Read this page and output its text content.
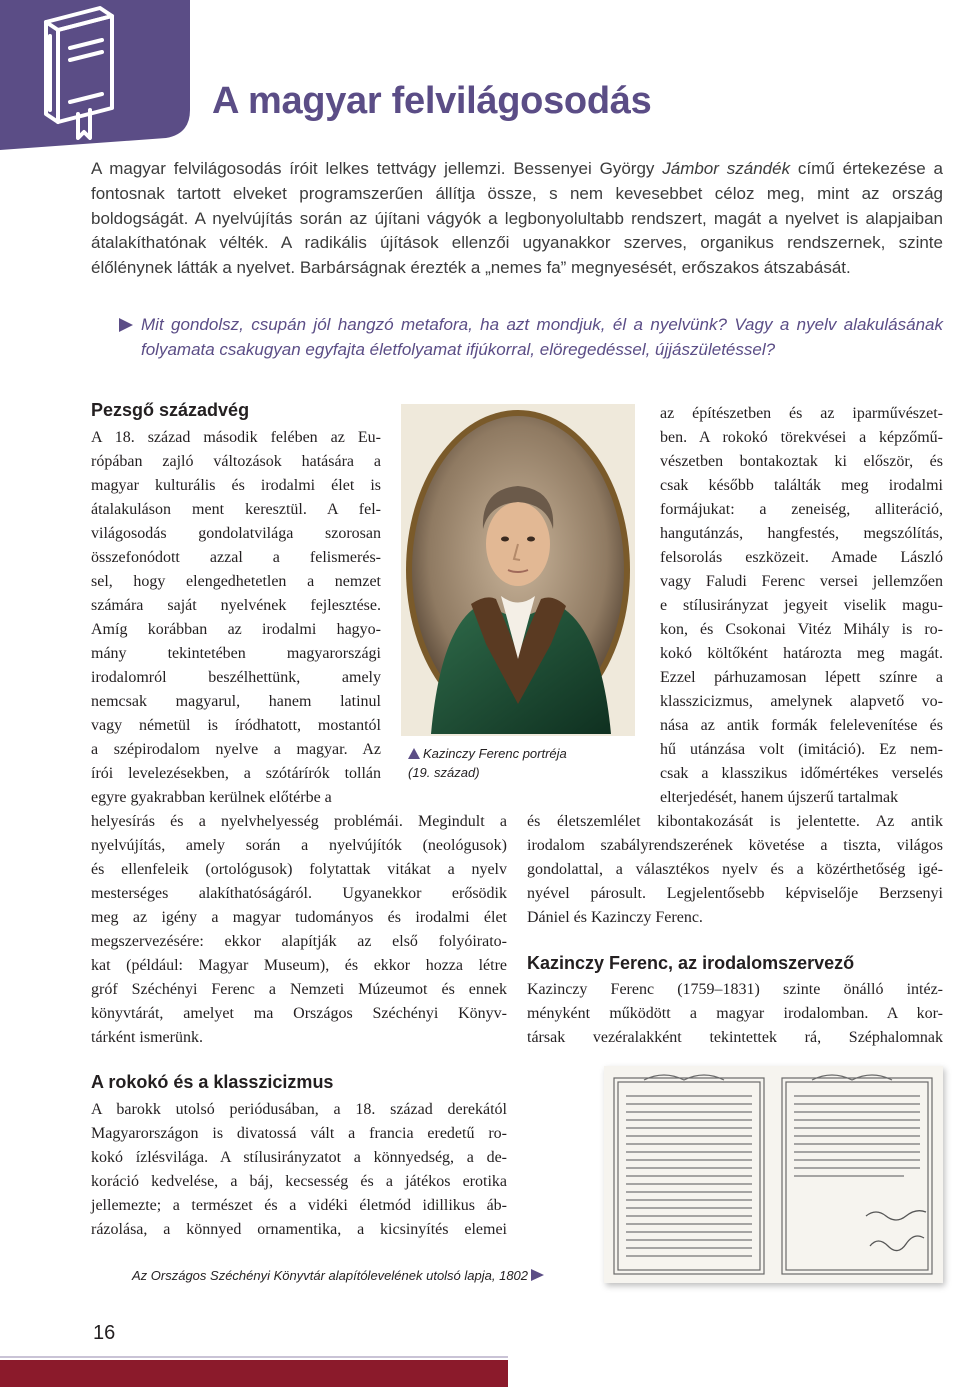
A magyar felvilágosodás

A magyar felvilágosodás íróit lelkes tettvágy jellemzi. Bessenyei György Jámbor szándék című értekezése a fontosnak tartott elveket programszerűen állítja össze, s nem kevesebbet céloz meg, mint az ország boldogságát. A nyelvújítás során az újítani vágyók a legbonyolultabb rendszert, magát a nyelvet is alapjaiban átalakíthatónak vélték. A radikális újítások ellenzői ugyanakkor szerves, organikus rendszernek, szinte élőlénynek látták a nyelvet. Barbárságnak érezték a „nemes fa” megnyesését, erőszakos átszabását.

Mit gondolsz, csupán jól hangzó metafora, ha azt mondjuk, él a nyelvünk? Vagy a nyelv alakulásának folyamata csakugyan egyfajta életfolyamat ifjúkorral, elöregedéssel, újjászületéssel?

Pezsgő századvég
A 18. század második felében az Eu-
rópában zajló változások hatására a
magyar kulturális és irodalmi élet is
átalakuláson ment keresztül. A fel-
világosodás gondolatvilága szorosan
összefonódott azzal a felismerés-
sel, hogy elengedhetetlen a nemzet
számára saját nyelvének fejlesztése.
Amíg korábban az irodalmi hagyo-
mány tekintetében magyarországi
irodalomról beszélhettünk, amely
nemcsak magyarul, hanem latinul
vagy németül is íródhatott, mostantól
a szépirodalom nyelve a magyar. Az
írói levelezésekben, a szótárírók tollán
egyre gyakrabban kerülnek előtérbe a
Kazinczy Ferenc portréja
(19. század)
az építészetben és az iparművészet-
ben. A rokokó törekvései a képzőmű-
vészetben bontakoztak ki először, és
csak később találták meg irodalmi
formájukat: a zeneiség, alliteráció,
hangutánzás, hangfestés, megszólítás,
felsorolás eszközeit. Amade László
vagy Faludi Ferenc versei jellemzően
e stílusirányzat jegyeit viselik magu-
kon, és Csokonai Vitéz Mihály is ro-
kokó költőként határozta meg magát.
Ezzel párhuzamosan lépett színre a
klasszicizmus, amelynek alapvető vo-
nása az antik formák felelevenítése és
hű utánzása volt (imitáció). Ez nem-
csak a klasszikus időmértékes verselés
elterjedését, hanem újszerű tartalmak
helyesírás és a nyelvhelyesség problémái. Megindult a
nyelvújítás, amely során a nyelvújítók (neológusok)
és ellenfeleik (ortológusok) folytattak vitákat a nyelv
mesterséges alakíthatóságáról. Ugyanekkor erősödik
meg az igény a magyar tudományos és irodalmi élet
megszervezésére: ekkor alapítják az első folyóirato-
kat (például: Magyar Museum), és ekkor hozza létre
gróf Széchényi Ferenc a Nemzeti Múzeumot és ennek
könyvtárát, amelyet ma Országos Széchényi Könyv-
tárként ismerünk.
és életszemlélet kibontakozását is jelentette. Az antik
irodalom szabályrendszerének követése a tiszta, világos
gondolattal, a választékos nyelv és a közérthetőség igé-
nyével párosult. Legjelentősebb képviselője Berzsenyi
Dániel és Kazinczy Ferenc.
Kazinczy Ferenc, az irodalomszervező
Kazinczy Ferenc (1759–1831) szinte önálló intéz-
ményként működött a magyar irodalomban. A kor-
társak vezéralakként tekintettek rá, Széphalomnak
A rokokó és a klasszicizmus
A barokk utolsó periódusában, a 18. század derekától
Magyarországon is divatossá vált a francia eredetű ro-
kokó ízlésvilága. A stílusirányzatot a könnyedség, a de-
koráció kedvelése, a báj, kecsesség és a játékos erotika
jellemezte; a természet és a vidéki életmód idillikus áb-
rázolása, a könnyed ornamentika, a kicsinyítés elemei
Az Országos Széchényi Könyvtár alapítólevelének utolsó lapja, 1802
16
